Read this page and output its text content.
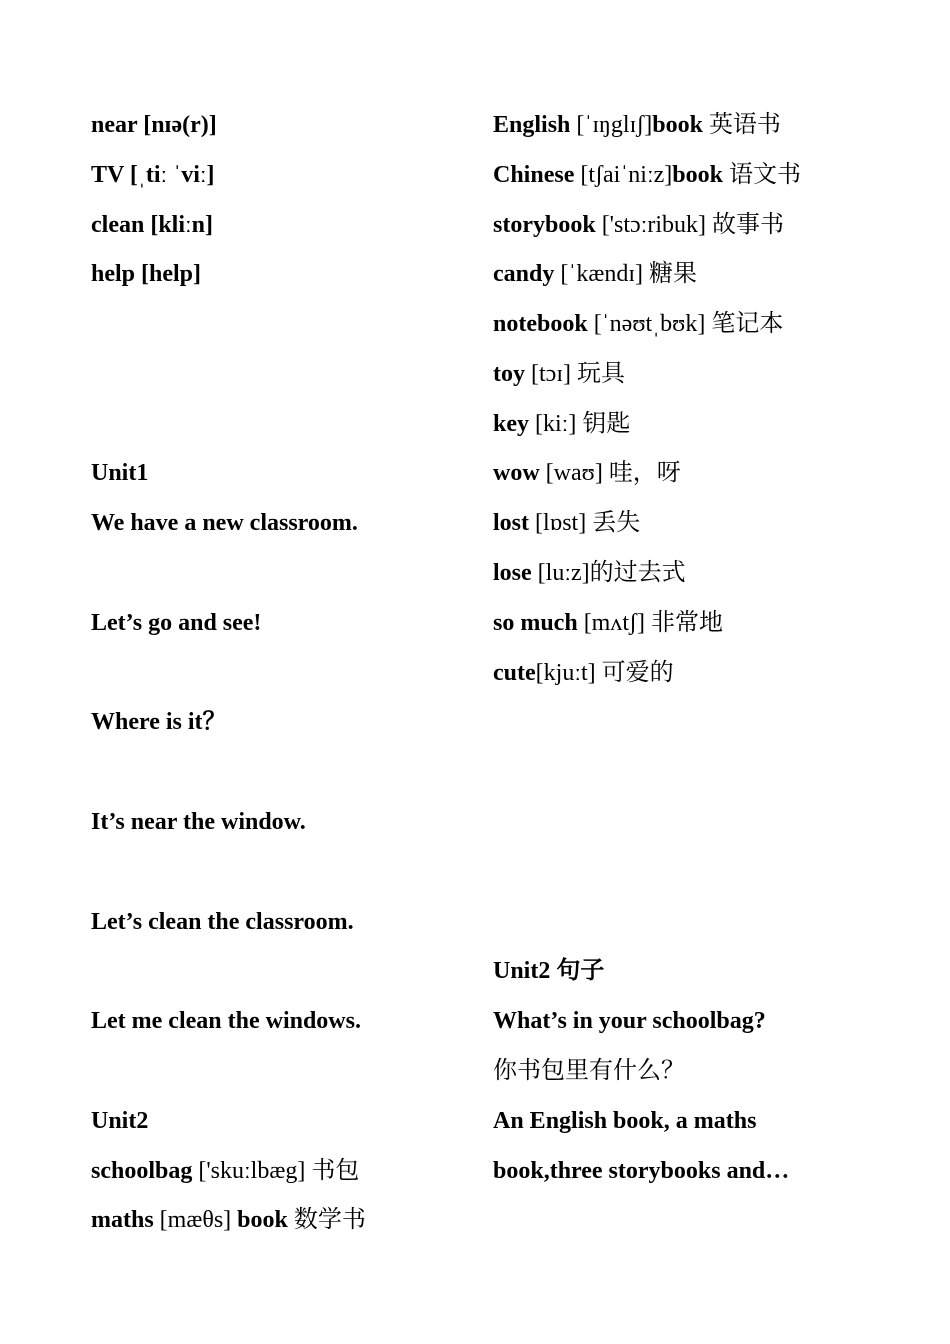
near [nɪə(r)]
TV [ˌtiː ˈviː]
clean [kliːn]
help [help]
Unit1
We have a new classroom.
Let’s go and see!
Where is it？
It’s near the window.
Let’s clean the classroom.
Let me clean the windows.
Unit2
schoolbag ['skuːlbæg] 书包
maths [mæθs] book 数学书
English [ˈɪŋglɪʃ]book 英语书
Chinese [tʃaiˈniːz]book 语文书
storybook ['stɔːribuk] 故事书
candy [ˈkændɪ] 糖果
notebook [ˈnəʊtˌbʊk] 笔记本
toy [tɔɪ] 玩具
key [kiː] 钥匙
wow [waʊ] 哇，呀
lost [lɒst] 丢失
lose [luːz]的过去式
so much [mʌtʃ] 非常地
cute[kjuːt] 可爱的
Unit2 句子
What’s in your schoolbag?
你书包里有什么？
An English book, a maths
book,three storybooks and…
